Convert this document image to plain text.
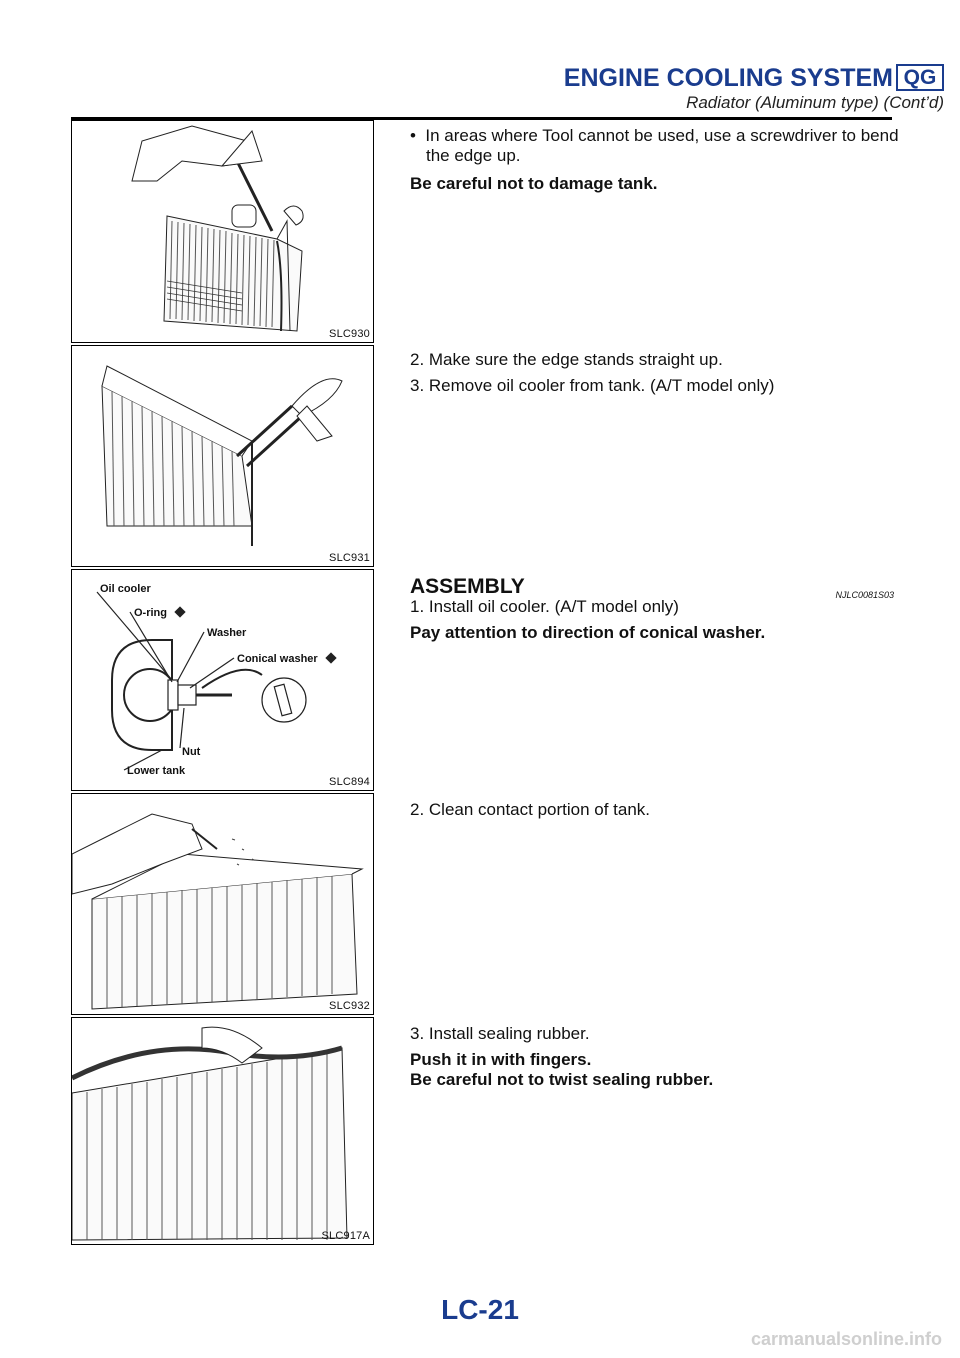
ENGINE COOLING SYSTEM QG
Radiator (Aluminum type) (Cont’d)
SLC930
SLC931
Oil cooler
O-ring
Washer
Conical washer
Nut
Lower tank
SLC894
SLC932
SLC917A

• In areas where Tool cannot be used, use a screwdriver to bend the edge up.

Be careful not to damage tank.

2. Make sure the edge stands straight up.

3. Remove oil cooler from tank. (A/T model only)

ASSEMBLY

1. Install oil cooler. (A/T model only)

Pay attention to direction of conical washer.

NJLC0081S03

2. Clean contact portion of tank.

3. Install sealing rubber.

Push it in with fingers.

Be careful not to twist sealing rubber.

LC-21
carmanualsonline.info
